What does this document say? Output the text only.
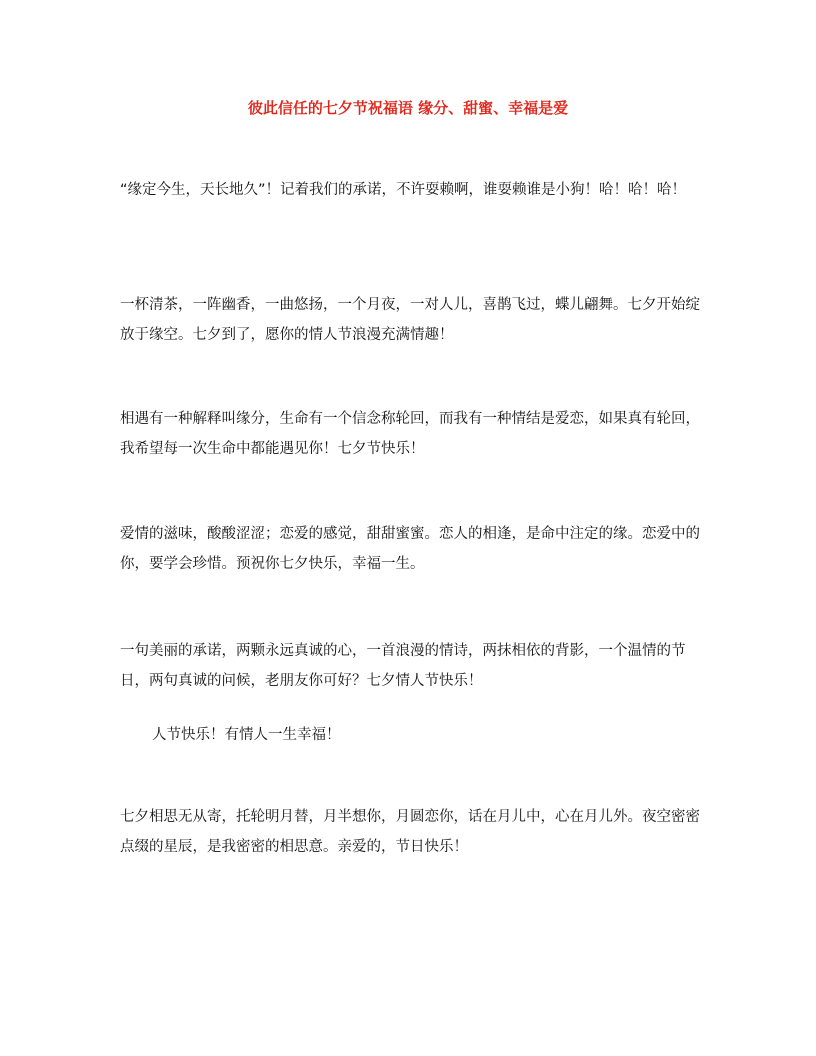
彼此信任的七夕节祝福语 缘分、甜蜜、幸福是爱

“缘定今生，天长地久”！记着我们的承诺，不许耍赖啊，谁耍赖谁是小狗！哈！哈！哈！

一杯清茶，一阵幽香，一曲悠扬，一个月夜，一对人儿，喜鹊飞过，蝶儿翩舞。七夕开始绽放于缘空。七夕到了，愿你的情人节浪漫充满情趣！

相遇有一种解释叫缘分，生命有一个信念称轮回，而我有一种情结是爱恋，如果真有轮回，我希望每一次生命中都能遇见你！七夕节快乐！

爱情的滋味，酸酸涩涩；恋爱的感觉，甜甜蜜蜜。恋人的相逢，是命中注定的缘。恋爱中的你，要学会珍惜。预祝你七夕快乐，幸福一生。

一句美丽的承诺，两颗永远真诚的心，一首浪漫的情诗，两抹相依的背影，一个温情的节日，两句真诚的问候，老朋友你可好？七夕情人节快乐！

人节快乐！有情人一生幸福！

七夕相思无从寄，托轮明月替，月半想你，月圆恋你，话在月儿中，心在月儿外。夜空密密点缀的星辰，是我密密的相思意。亲爱的，节日快乐！
